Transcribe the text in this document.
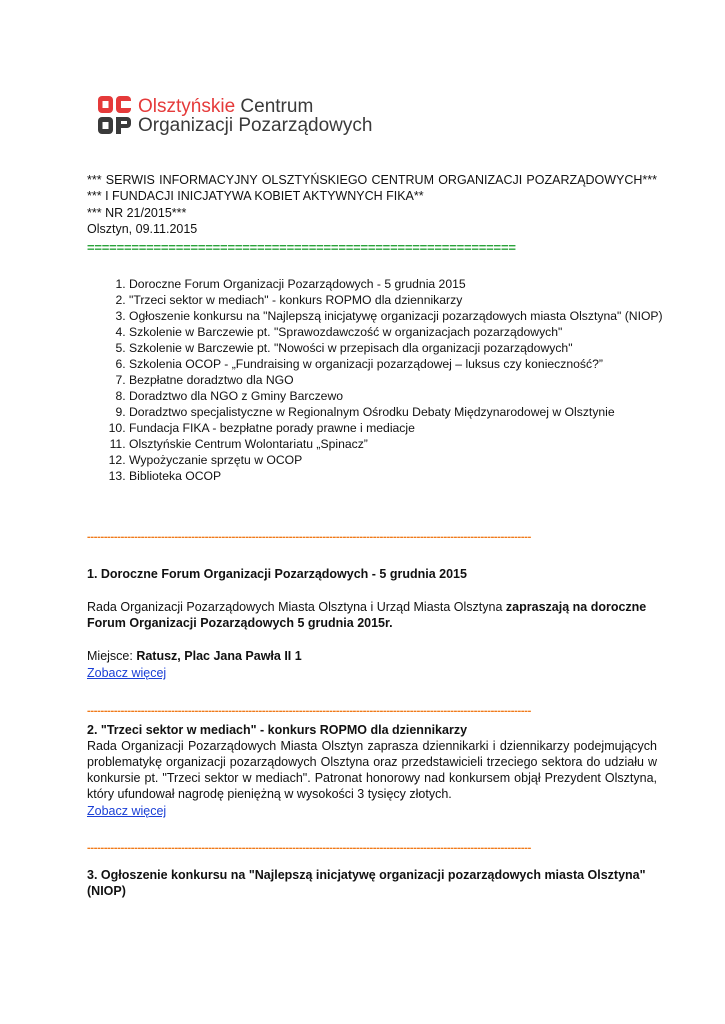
Olsztyńskie Centrum
Organizacji Pozarządowych
*** SERWIS INFORMACYJNY OLSZTYŃSKIEGO CENTRUM ORGANIZACJI POZARZĄDOWYCH***
*** I FUNDACJI INICJATYWA KOBIET AKTYWNYCH FIKA**
*** NR 21/2015***
Olsztyn, 09.11.2015
==========================================================
1. Doroczne Forum Organizacji Pozarządowych - 5 grudnia 2015
2. "Trzeci sektor w mediach" - konkurs ROPMO dla dziennikarzy
3. Ogłoszenie konkursu na "Najlepszą inicjatywę organizacji pozarządowych miasta Olsztyna" (NIOP)
4. Szkolenie w Barczewie pt. "Sprawozdawczość w organizacjach pozarządowych"
5. Szkolenie w Barczewie pt. "Nowości w przepisach dla organizacji pozarządowych"
6. Szkolenia OCOP - „Fundraising w organizacji pozarządowej – luksus czy konieczność?”
7. Bezpłatne doradztwo dla NGO
8. Doradztwo dla NGO z Gminy Barczewo
9. Doradztwo specjalistyczne w Regionalnym Ośrodku Debaty Międzynarodowej w Olsztynie
10. Fundacja FIKA - bezpłatne porady prawne i mediacje
11. Olsztyńskie Centrum Wolontariatu „Spinacz”
12. Wypożyczanie sprzętu w OCOP
13. Biblioteka OCOP
------------------------------------------------------------------------------------------------------------------------------------
1. Doroczne Forum Organizacji Pozarządowych - 5 grudnia 2015
Rada Organizacji Pozarządowych Miasta Olsztyna i Urząd Miasta Olsztyna zapraszają na doroczne Forum Organizacji Pozarządowych 5 grudnia 2015r.
Miejsce: Ratusz, Plac Jana Pawła II 1
Zobacz więcej
------------------------------------------------------------------------------------------------------------------------------------
2. "Trzeci sektor w mediach" - konkurs ROPMO dla dziennikarzy
Rada Organizacji Pozarządowych Miasta Olsztyn zaprasza dziennikarki i dziennikarzy podejmujących problematykę organizacji pozarządowych Olsztyna oraz przedstawicieli trzeciego sektora do udziału w konkursie pt. "Trzeci sektor w mediach". Patronat honorowy nad konkursem objął Prezydent Olsztyna, który ufundował nagrodę pieniężną w wysokości 3 tysięcy złotych.
Zobacz więcej
------------------------------------------------------------------------------------------------------------------------------------
3. Ogłoszenie konkursu na "Najlepszą inicjatywę organizacji pozarządowych miasta Olsztyna" (NIOP)
